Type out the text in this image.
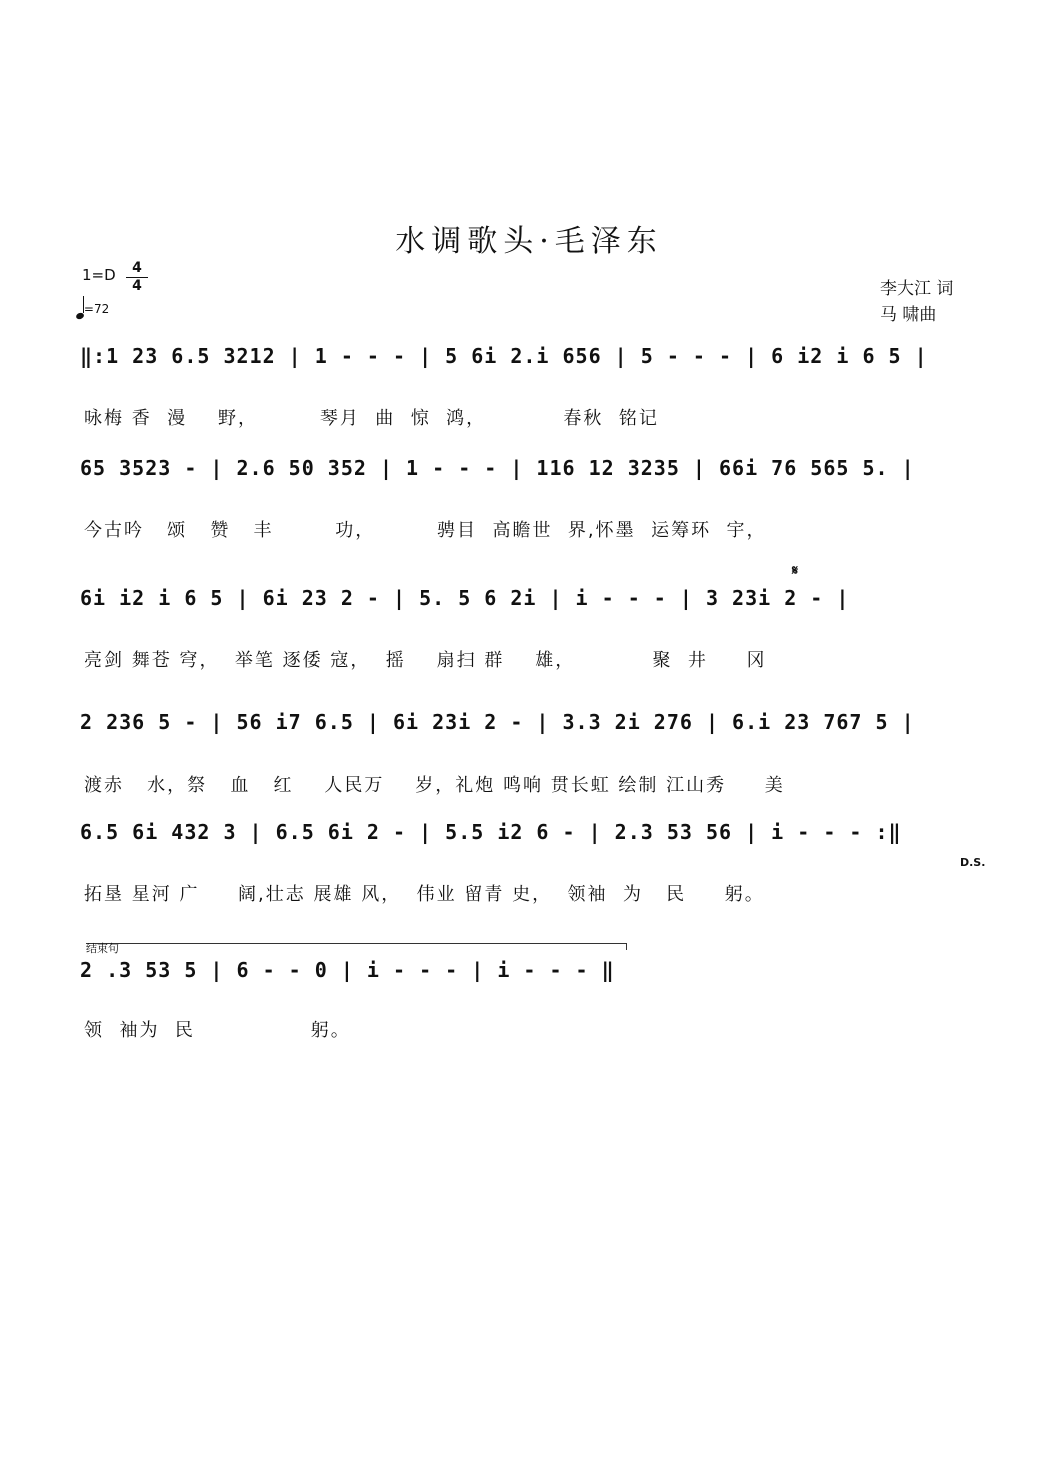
水调歌头·毛泽东
1=D	4
4
=72
李大江 词
马 啸曲
‖:1 23 6.5 3212 | 1 - - - | 5 6i 2.i 656 | 5 - - - | 6 i2 i 6 5 |
咏梅 香  漫    野，        琴月  曲  惊  鸿，          春秋  铭记
65 3523 - | 2.6 50 352 | 1 - - - | 116 12 3235 | 66i 76 565 5. |
今古吟   颂   赞   丰        功，        骋目  高瞻世  界,怀墨  运筹环  宇，
𝄋
6i i2 i 6 5 | 6i 23 2 - | 5. 5 6 2i | i - - - | 3 23i 2 - |
亮剑 舞苍 穹，  举笔 逐倭 寇，  摇    扇扫 群    雄，          聚  井     冈
2 236 5 - | 56 i7 6.5 | 6i 23i 2 - | 3.3 2i 276 | 6.i 23 767 5 |
渡赤   水，祭   血   红    人民万    岁，礼炮 鸣响 贯长虹 绘制 江山秀     美
6.5 6i 432 3 | 6.5 6i 2 - | 5.5 i2 6 - | 2.3 53 56 | i - - - :‖
D.S.
拓垦 星河 广     阔,壮志 展雄 风，  伟业 留青 史，  领袖  为   民     躬。
结束句
2 .3 53 5 | 6 - - 0 | i - - - | i - - - ‖
领  袖为  民               躬。
